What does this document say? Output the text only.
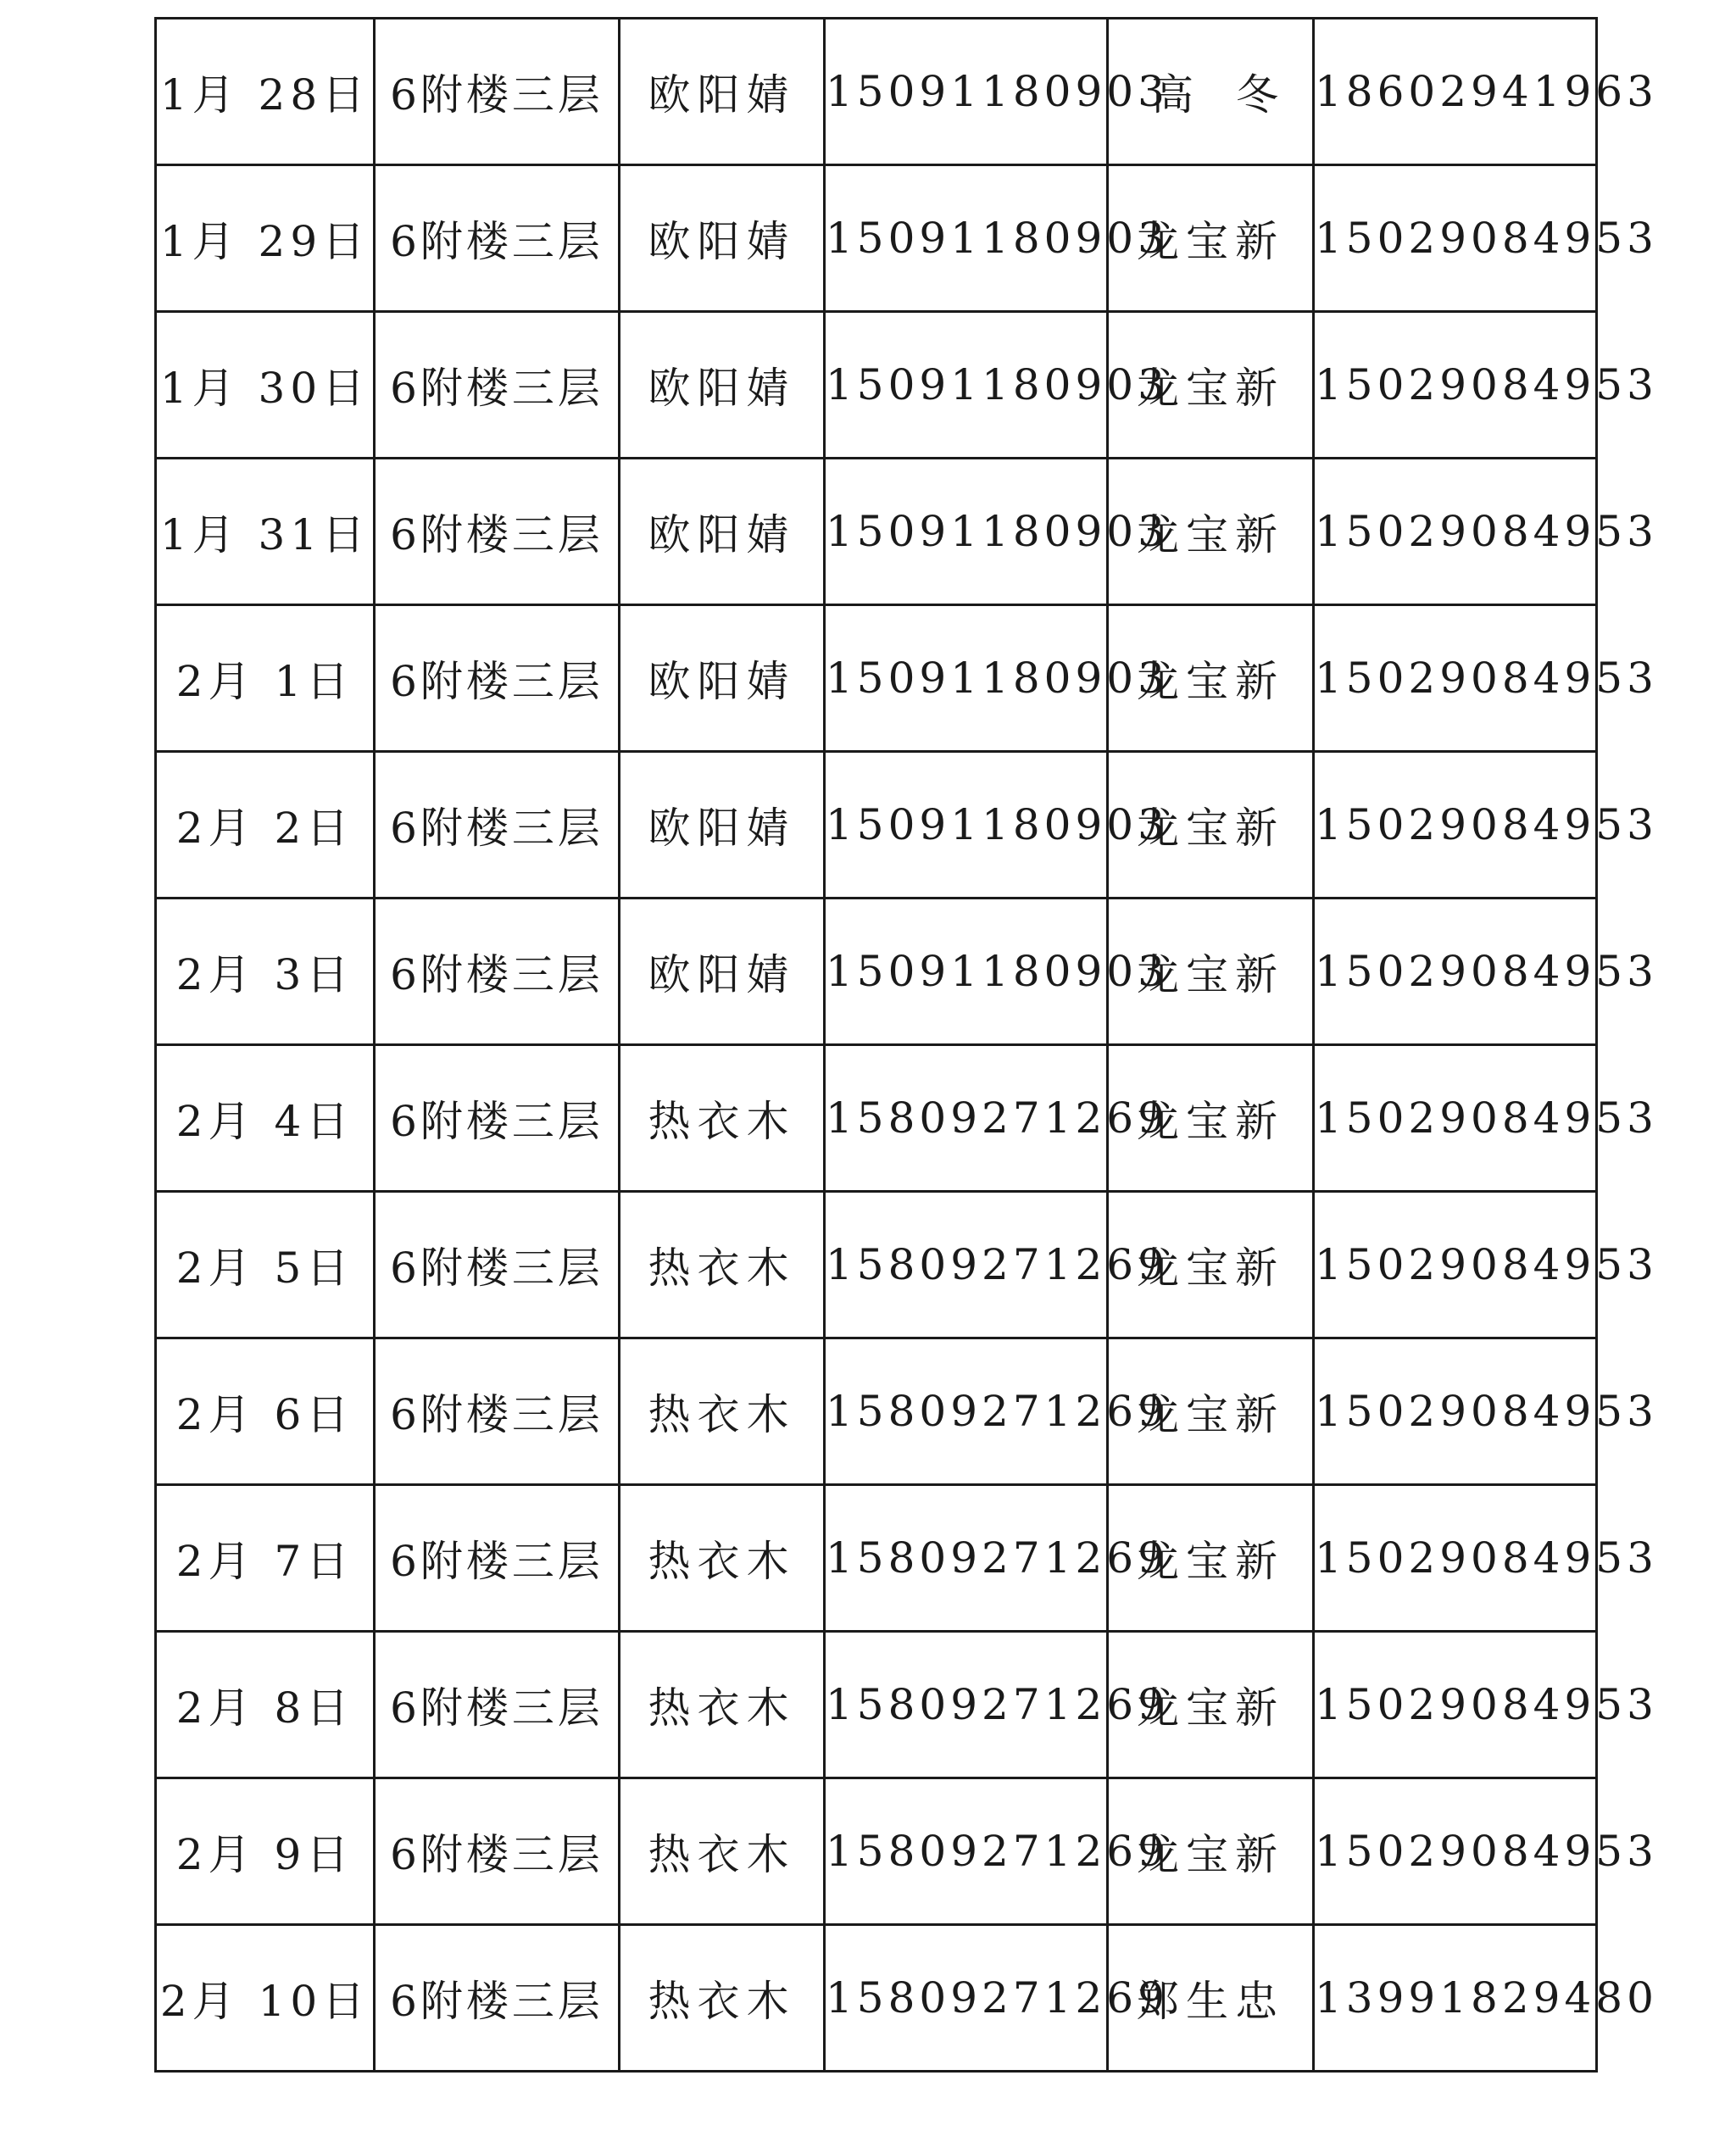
1月 28日	6附楼三层	欧阳婧	15091180903	高冬	18602941963
1月 29日	6附楼三层	欧阳婧	15091180903	龙宝新	15029084953
1月 30日	6附楼三层	欧阳婧	15091180903	龙宝新	15029084953
1月 31日	6附楼三层	欧阳婧	15091180903	龙宝新	15029084953
2月 1日	6附楼三层	欧阳婧	15091180903	龙宝新	15029084953
2月 2日	6附楼三层	欧阳婧	15091180903	龙宝新	15029084953
2月 3日	6附楼三层	欧阳婧	15091180903	龙宝新	15029084953
2月 4日	6附楼三层	热衣木	15809271269	龙宝新	15029084953
2月 5日	6附楼三层	热衣木	15809271269	龙宝新	15029084953
2月 6日	6附楼三层	热衣木	15809271269	龙宝新	15029084953
2月 7日	6附楼三层	热衣木	15809271269	龙宝新	15029084953
2月 8日	6附楼三层	热衣木	15809271269	龙宝新	15029084953
2月 9日	6附楼三层	热衣木	15809271269	龙宝新	15029084953
2月 10日	6附楼三层	热衣木	15809271269	郑生忠	13991829480
